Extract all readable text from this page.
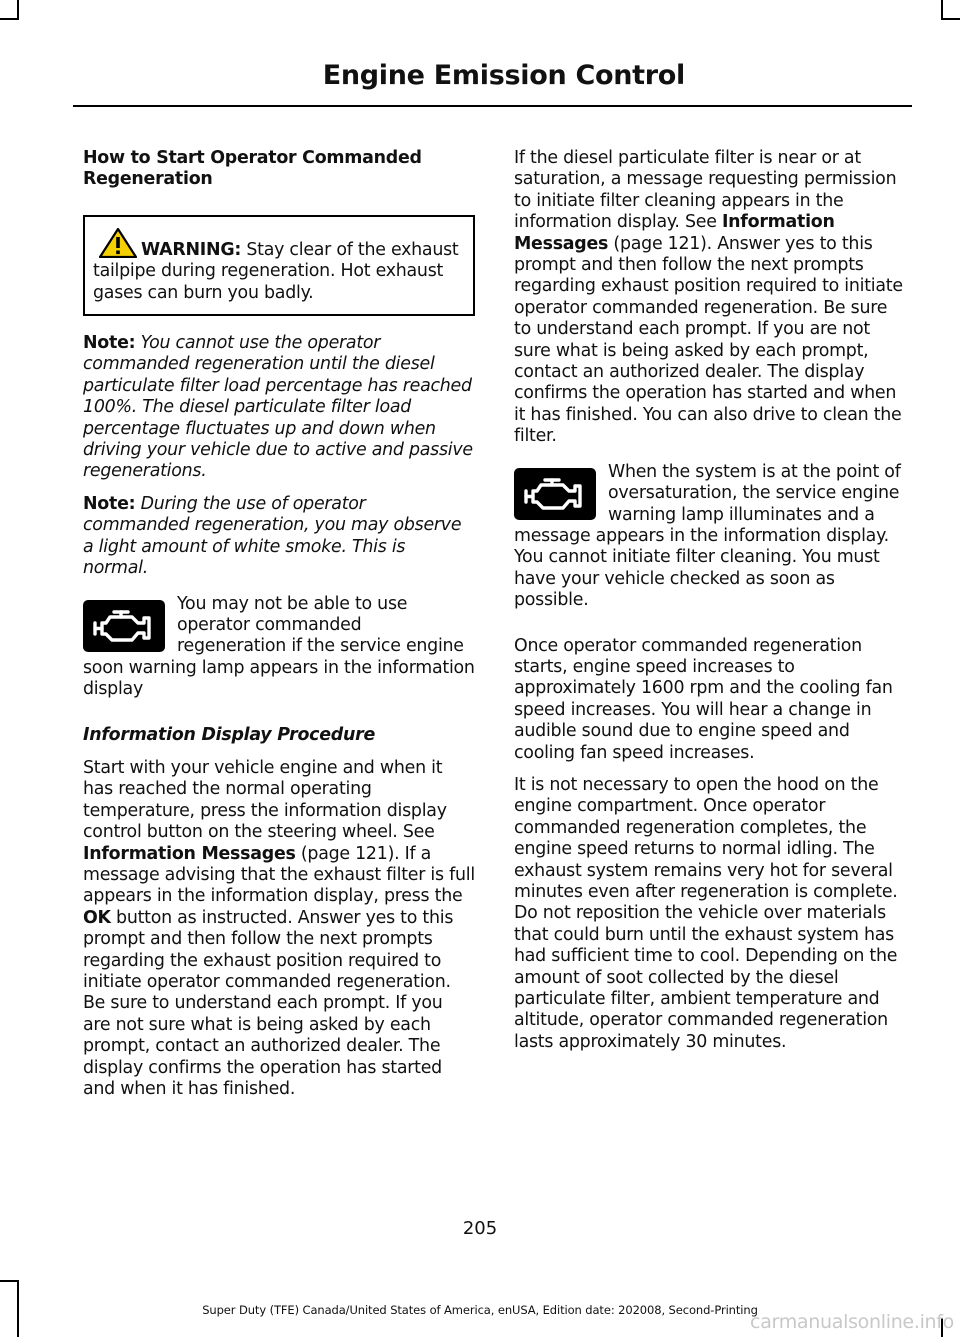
Engine Emission Control
How to Start Operator Commanded Regeneration
WARNING: Stay clear of the exhaust tailpipe during regeneration. Hot exhaust gases can burn you badly.

Note: You cannot use the operator commanded regeneration until the diesel particulate filter load percentage has reached 100%. The diesel particulate filter load percentage fluctuates up and down when driving your vehicle due to active and passive regenerations.

Note: During the use of operator commanded regeneration, you may observe a light amount of white smoke. This is normal.

You may not be able to use operator commanded regeneration if the service engine soon warning lamp appears in the information display

Information Display Procedure

Start with your vehicle engine and when it has reached the normal operating temperature, press the information display control button on the steering wheel. See Information Messages (page 121). If a message advising that the exhaust filter is full appears in the information display, press the OK button as instructed. Answer yes to this prompt and then follow the next prompts regarding the exhaust position required to initiate operator commanded regeneration. Be sure to understand each prompt. If you are not sure what is being asked by each prompt, contact an authorized dealer. The display confirms the operation has started and when it has finished.

If the diesel particulate filter is near or at saturation, a message requesting permission to initiate filter cleaning appears in the information display. See Information Messages (page 121). Answer yes to this prompt and then follow the next prompts regarding exhaust position required to initiate operator commanded regeneration. Be sure to understand each prompt. If you are not sure what is being asked by each prompt, contact an authorized dealer. The display confirms the operation has started and when it has finished. You can also drive to clean the filter.

When the system is at the point of oversaturation, the service engine warning lamp illuminates and a message appears in the information display. You cannot initiate filter cleaning. You must have your vehicle checked as soon as possible.

Once operator commanded regeneration starts, engine speed increases to approximately 1600 rpm and the cooling fan speed increases. You will hear a change in audible sound due to engine speed and cooling fan speed increases.

It is not necessary to open the hood on the engine compartment. Once operator commanded regeneration completes, the engine speed returns to normal idling. The exhaust system remains very hot for several minutes even after regeneration is complete. Do not reposition the vehicle over materials that could burn until the exhaust system has had sufficient time to cool. Depending on the amount of soot collected by the diesel particulate filter, ambient temperature and altitude, operator commanded regeneration lasts approximately 30 minutes.

205
Super Duty (TFE) Canada/United States of America, enUSA, Edition date: 202008, Second-Printing
carmanualsonline.info
